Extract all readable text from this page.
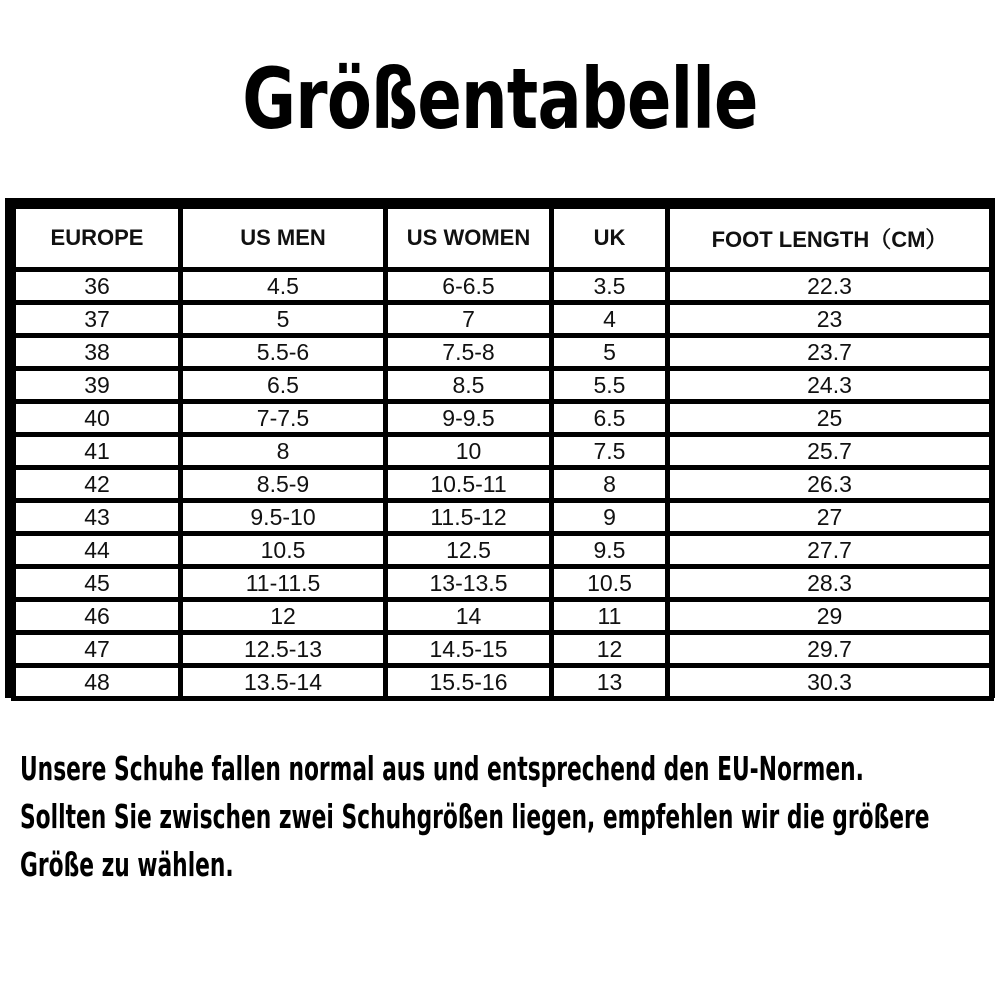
Größentabelle
EUROPE	US MEN	US WOMEN	UK	FOOT LENGTH（CM）
36	4.5	6-6.5	3.5	22.3
37	5	7	4	23
38	5.5-6	7.5-8	5	23.7
39	6.5	8.5	5.5	24.3
40	7-7.5	9-9.5	6.5	25
41	8	10	7.5	25.7
42	8.5-9	10.5-11	8	26.3
43	9.5-10	11.5-12	9	27
44	10.5	12.5	9.5	27.7
45	11-11.5	13-13.5	10.5	28.3
46	12	14	11	29
47	12.5-13	14.5-15	12	29.7
48	13.5-14	15.5-16	13	30.3
Unsere Schuhe fallen normal aus und entsprechend den EU-Normen.
Sollten Sie zwischen zwei Schuhgrößen liegen, empfehlen wir die größere
Größe zu wählen.
